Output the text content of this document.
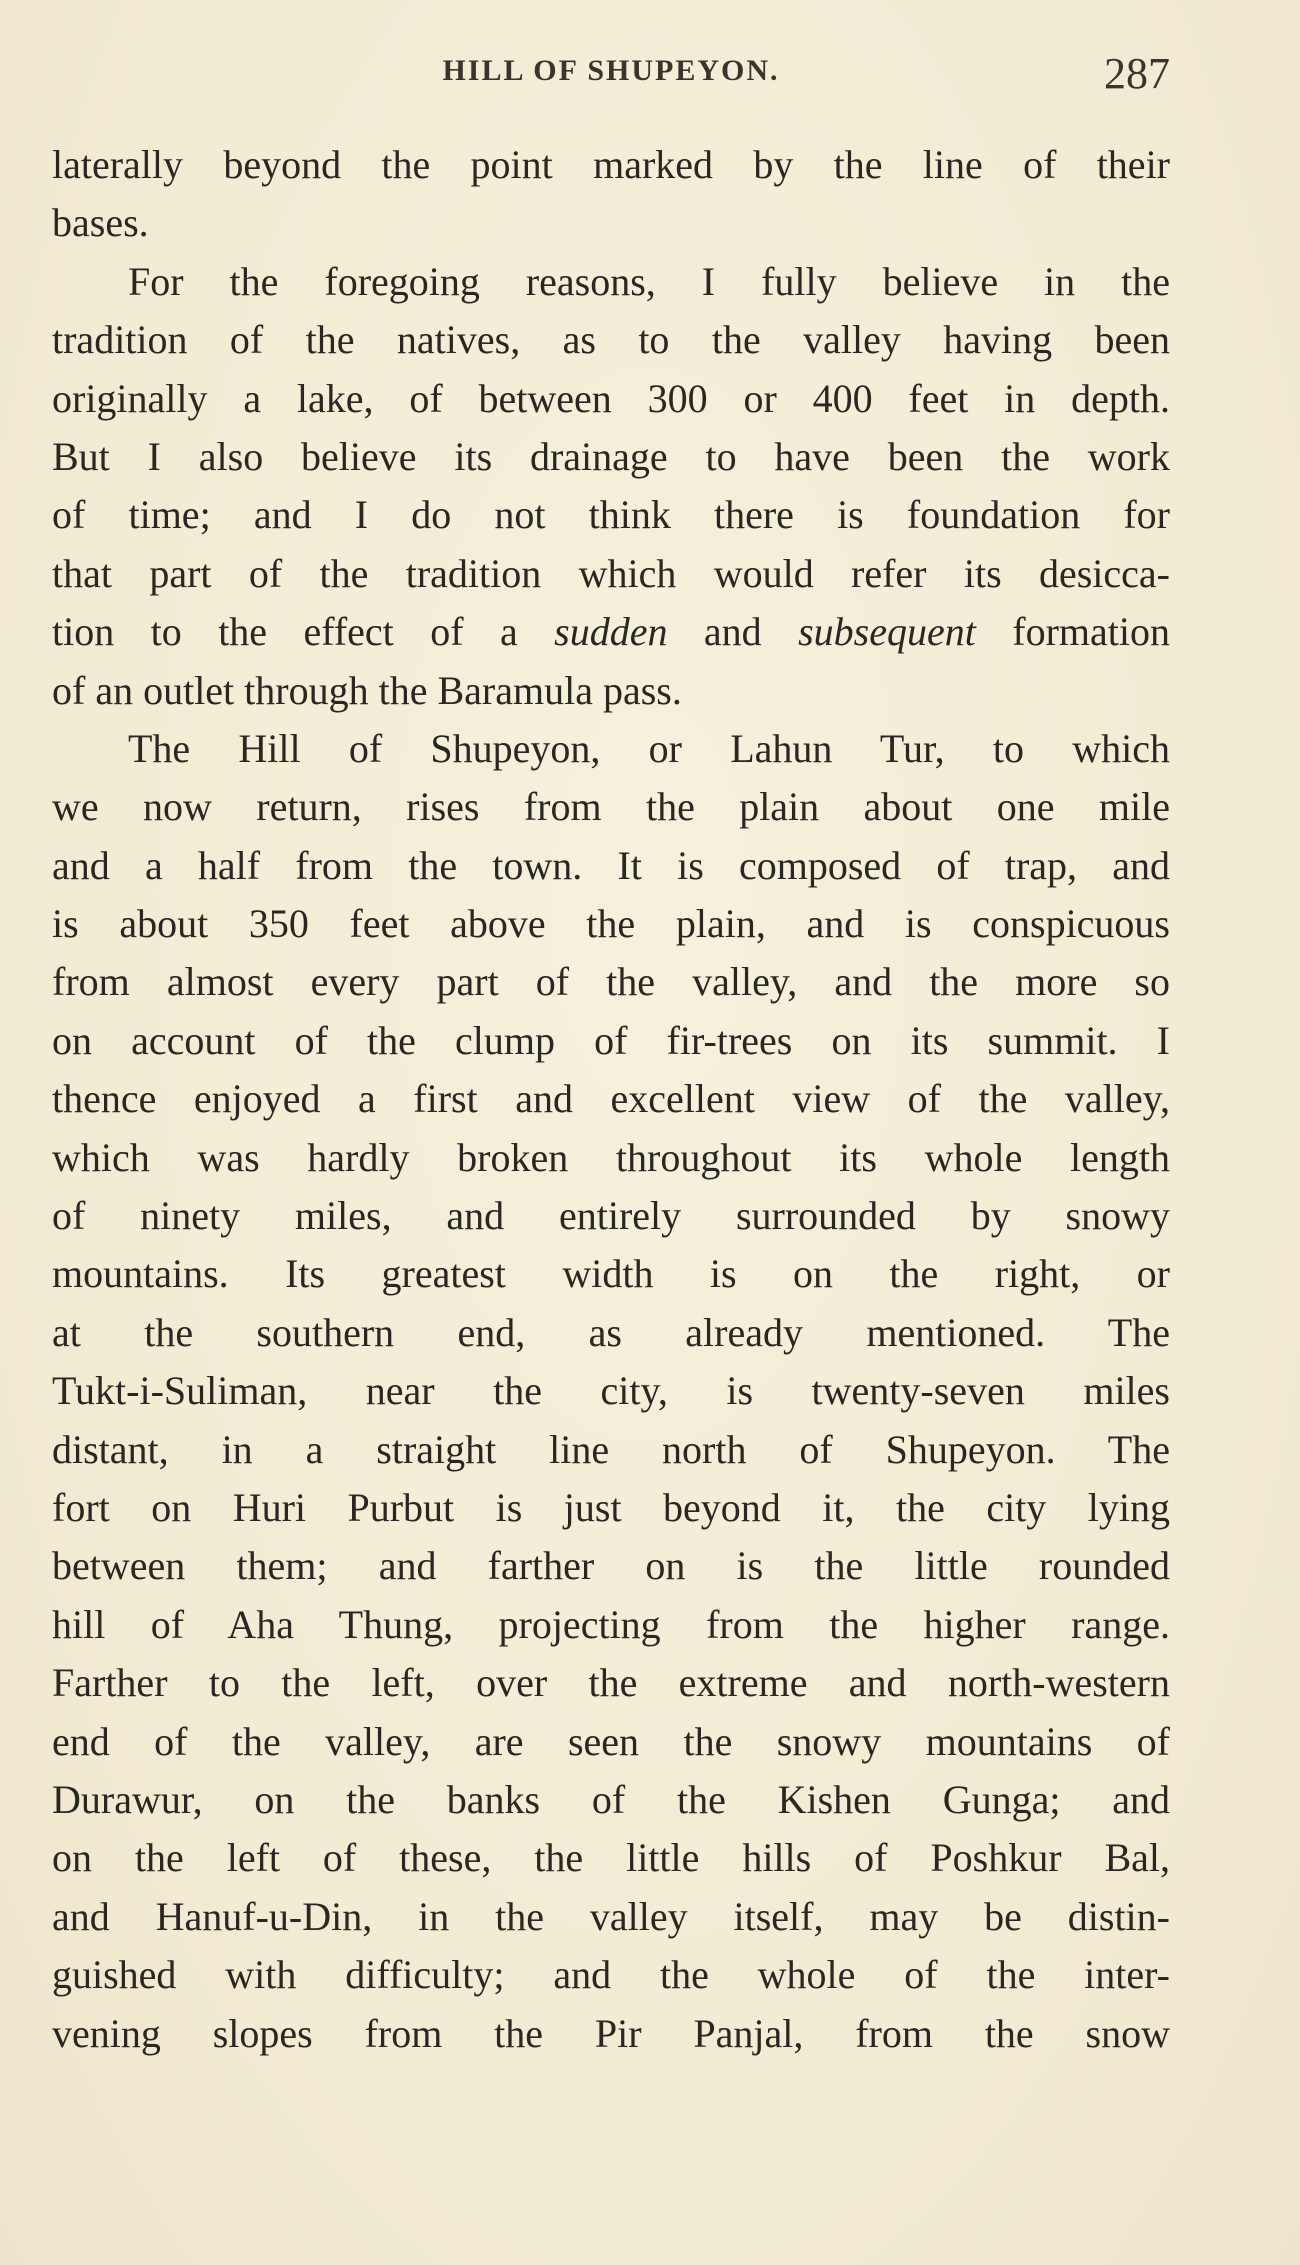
HILL OF SHUPEYON.	287
laterally beyond the point marked by the line of their
bases.
For the foregoing reasons, I fully believe in the
tradition of the natives, as to the valley having been
originally a lake, of between 300 or 400 feet in depth.
But I also believe its drainage to have been the work
of time; and I do not think there is foundation for
that part of the tradition which would refer its desicca-
tion to the effect of a sudden and subsequent formation
of an outlet through the Baramula pass.
The Hill of Shupeyon, or Lahun Tur, to which
we now return, rises from the plain about one mile
and a half from the town. It is composed of trap, and
is about 350 feet above the plain, and is conspicuous
from almost every part of the valley, and the more so
on account of the clump of fir-trees on its summit. I
thence enjoyed a first and excellent view of the valley,
which was hardly broken throughout its whole length
of ninety miles, and entirely surrounded by snowy
mountains. Its greatest width is on the right, or
at the southern end, as already mentioned. The
Tukt-i-Suliman, near the city, is twenty-seven miles
distant, in a straight line north of Shupeyon. The
fort on Huri Purbut is just beyond it, the city lying
between them; and farther on is the little rounded
hill of Aha Thung, projecting from the higher range.
Farther to the left, over the extreme and north-western
end of the valley, are seen the snowy mountains of
Durawur, on the banks of the Kishen Gunga; and
on the left of these, the little hills of Poshkur Bal,
and Hanuf-u-Din, in the valley itself, may be distin-
guished with difficulty; and the whole of the inter-
vening slopes from the Pir Panjal, from the snow
